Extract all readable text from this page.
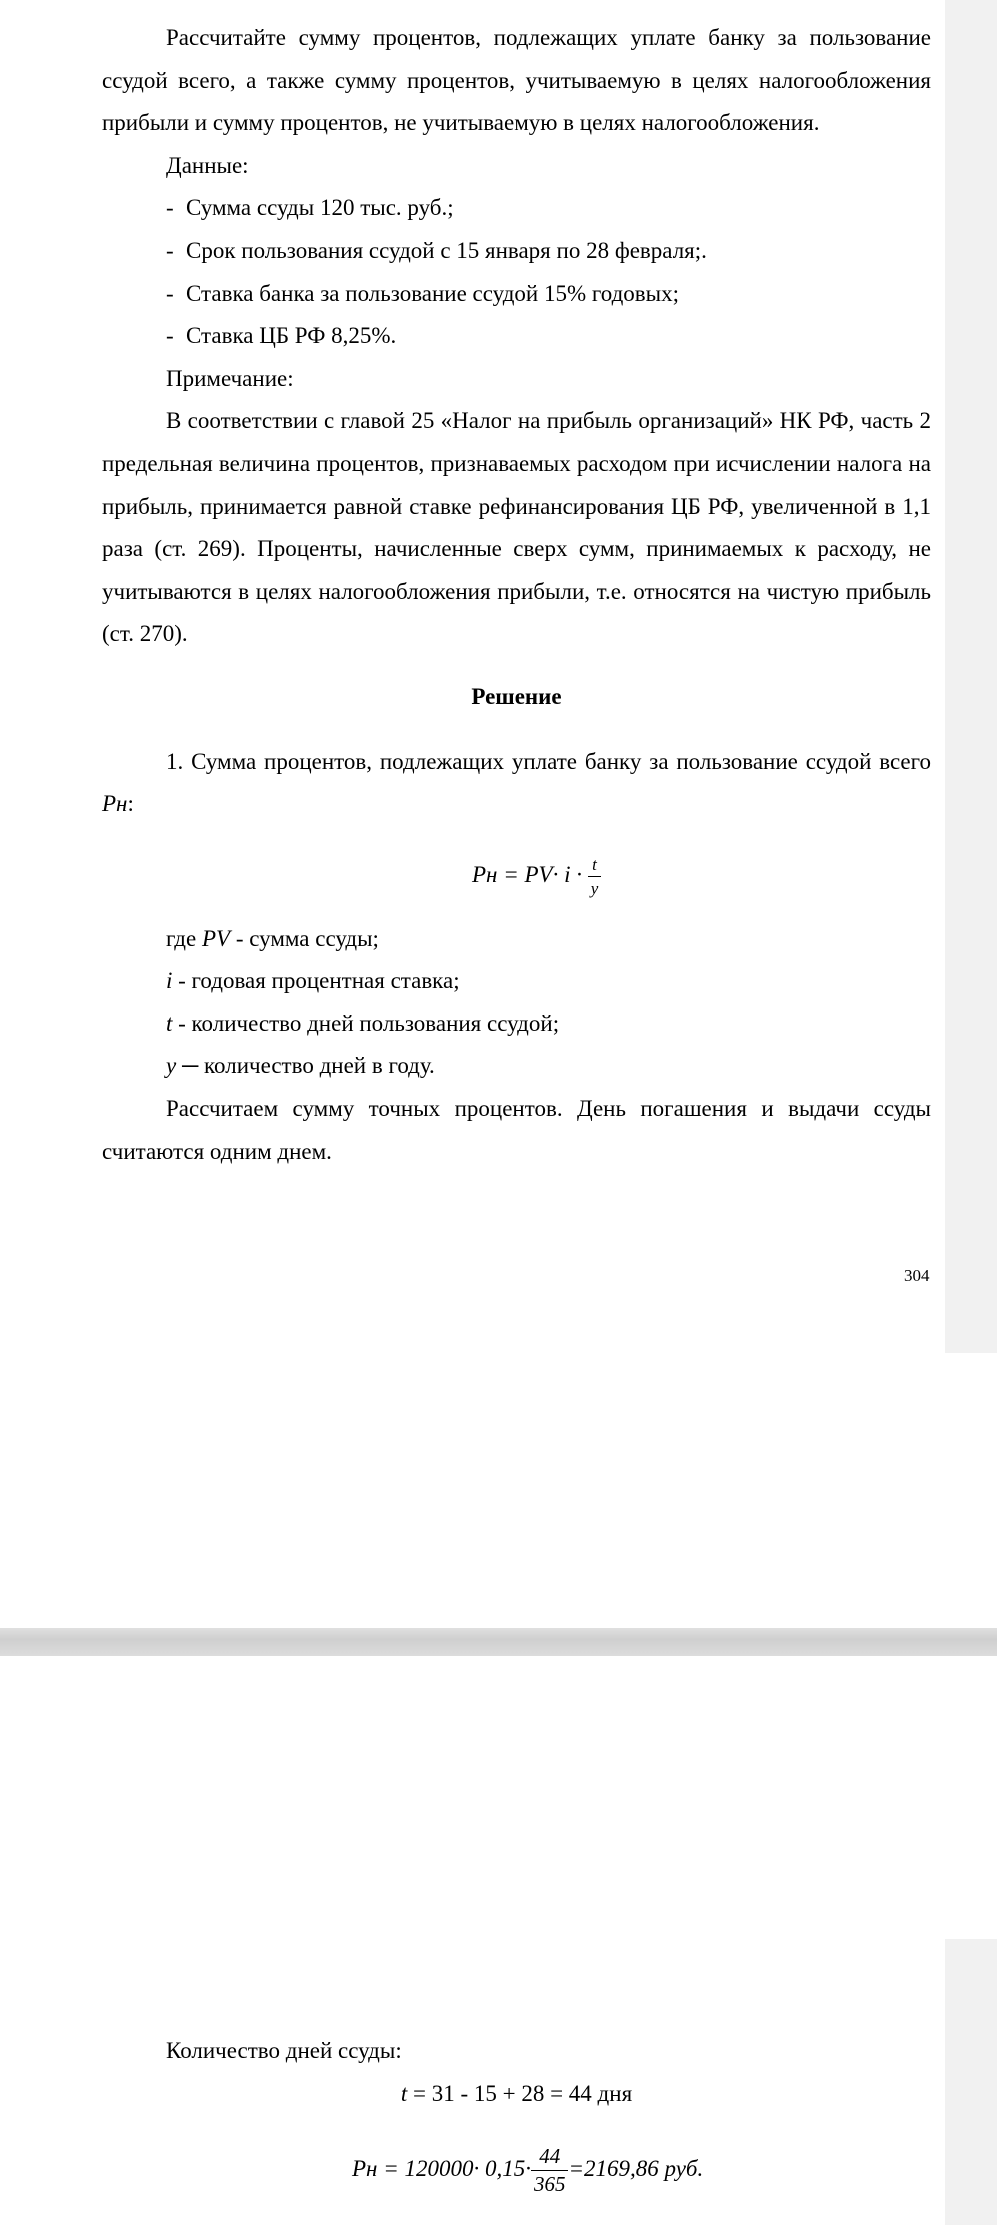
Рассчитайте сумму процентов, подлежащих уплате банку за пользование ссудой всего, а также сумму процентов, учитываемую в целях налогообложения прибыли и сумму процентов, не учитываемую в целях налогообложения.

Данные:

- Сумма ссуды 120 тыс. руб.;

- Срок пользования ссудой с 15 января по 28 февраля;.

- Ставка банка за пользование ссудой 15% годовых;

- Ставка ЦБ РФ 8,25%.

Примечание:

В соответствии с главой 25 «Налог на прибыль организаций» НК РФ, часть 2 предельная величина процентов, признаваемых расходом при исчислении налога на прибыль, принимается равной ставке рефинансирования ЦБ РФ, увеличенной в 1,1 раза (ст. 269). Проценты, начисленные сверх сумм, принимаемых к расходу, не учитываются в целях налогообложения прибыли, т.е. относятся на чистую прибыль (ст. 270).

Решение

1. Сумма процентов, подлежащих уплате банку за пользование ссудой всего Pн:

Pн = $PV\cdot i \cdot \frac{t}{y}$

где PV - сумма ссуды;

i - годовая процентная ставка;

t - количество дней пользования ссудой;

y ─ количество дней в году.

Рассчитаем сумму точных процентов. День погашения и выдачи ссуды считаются одним днем.

304

Количество дней ссуды:

t = 31 - 15 + 28 = 44 дня

Pн = $120000\cdot 0,15\cdot \frac{44}{365} =2169,86$ руб.
